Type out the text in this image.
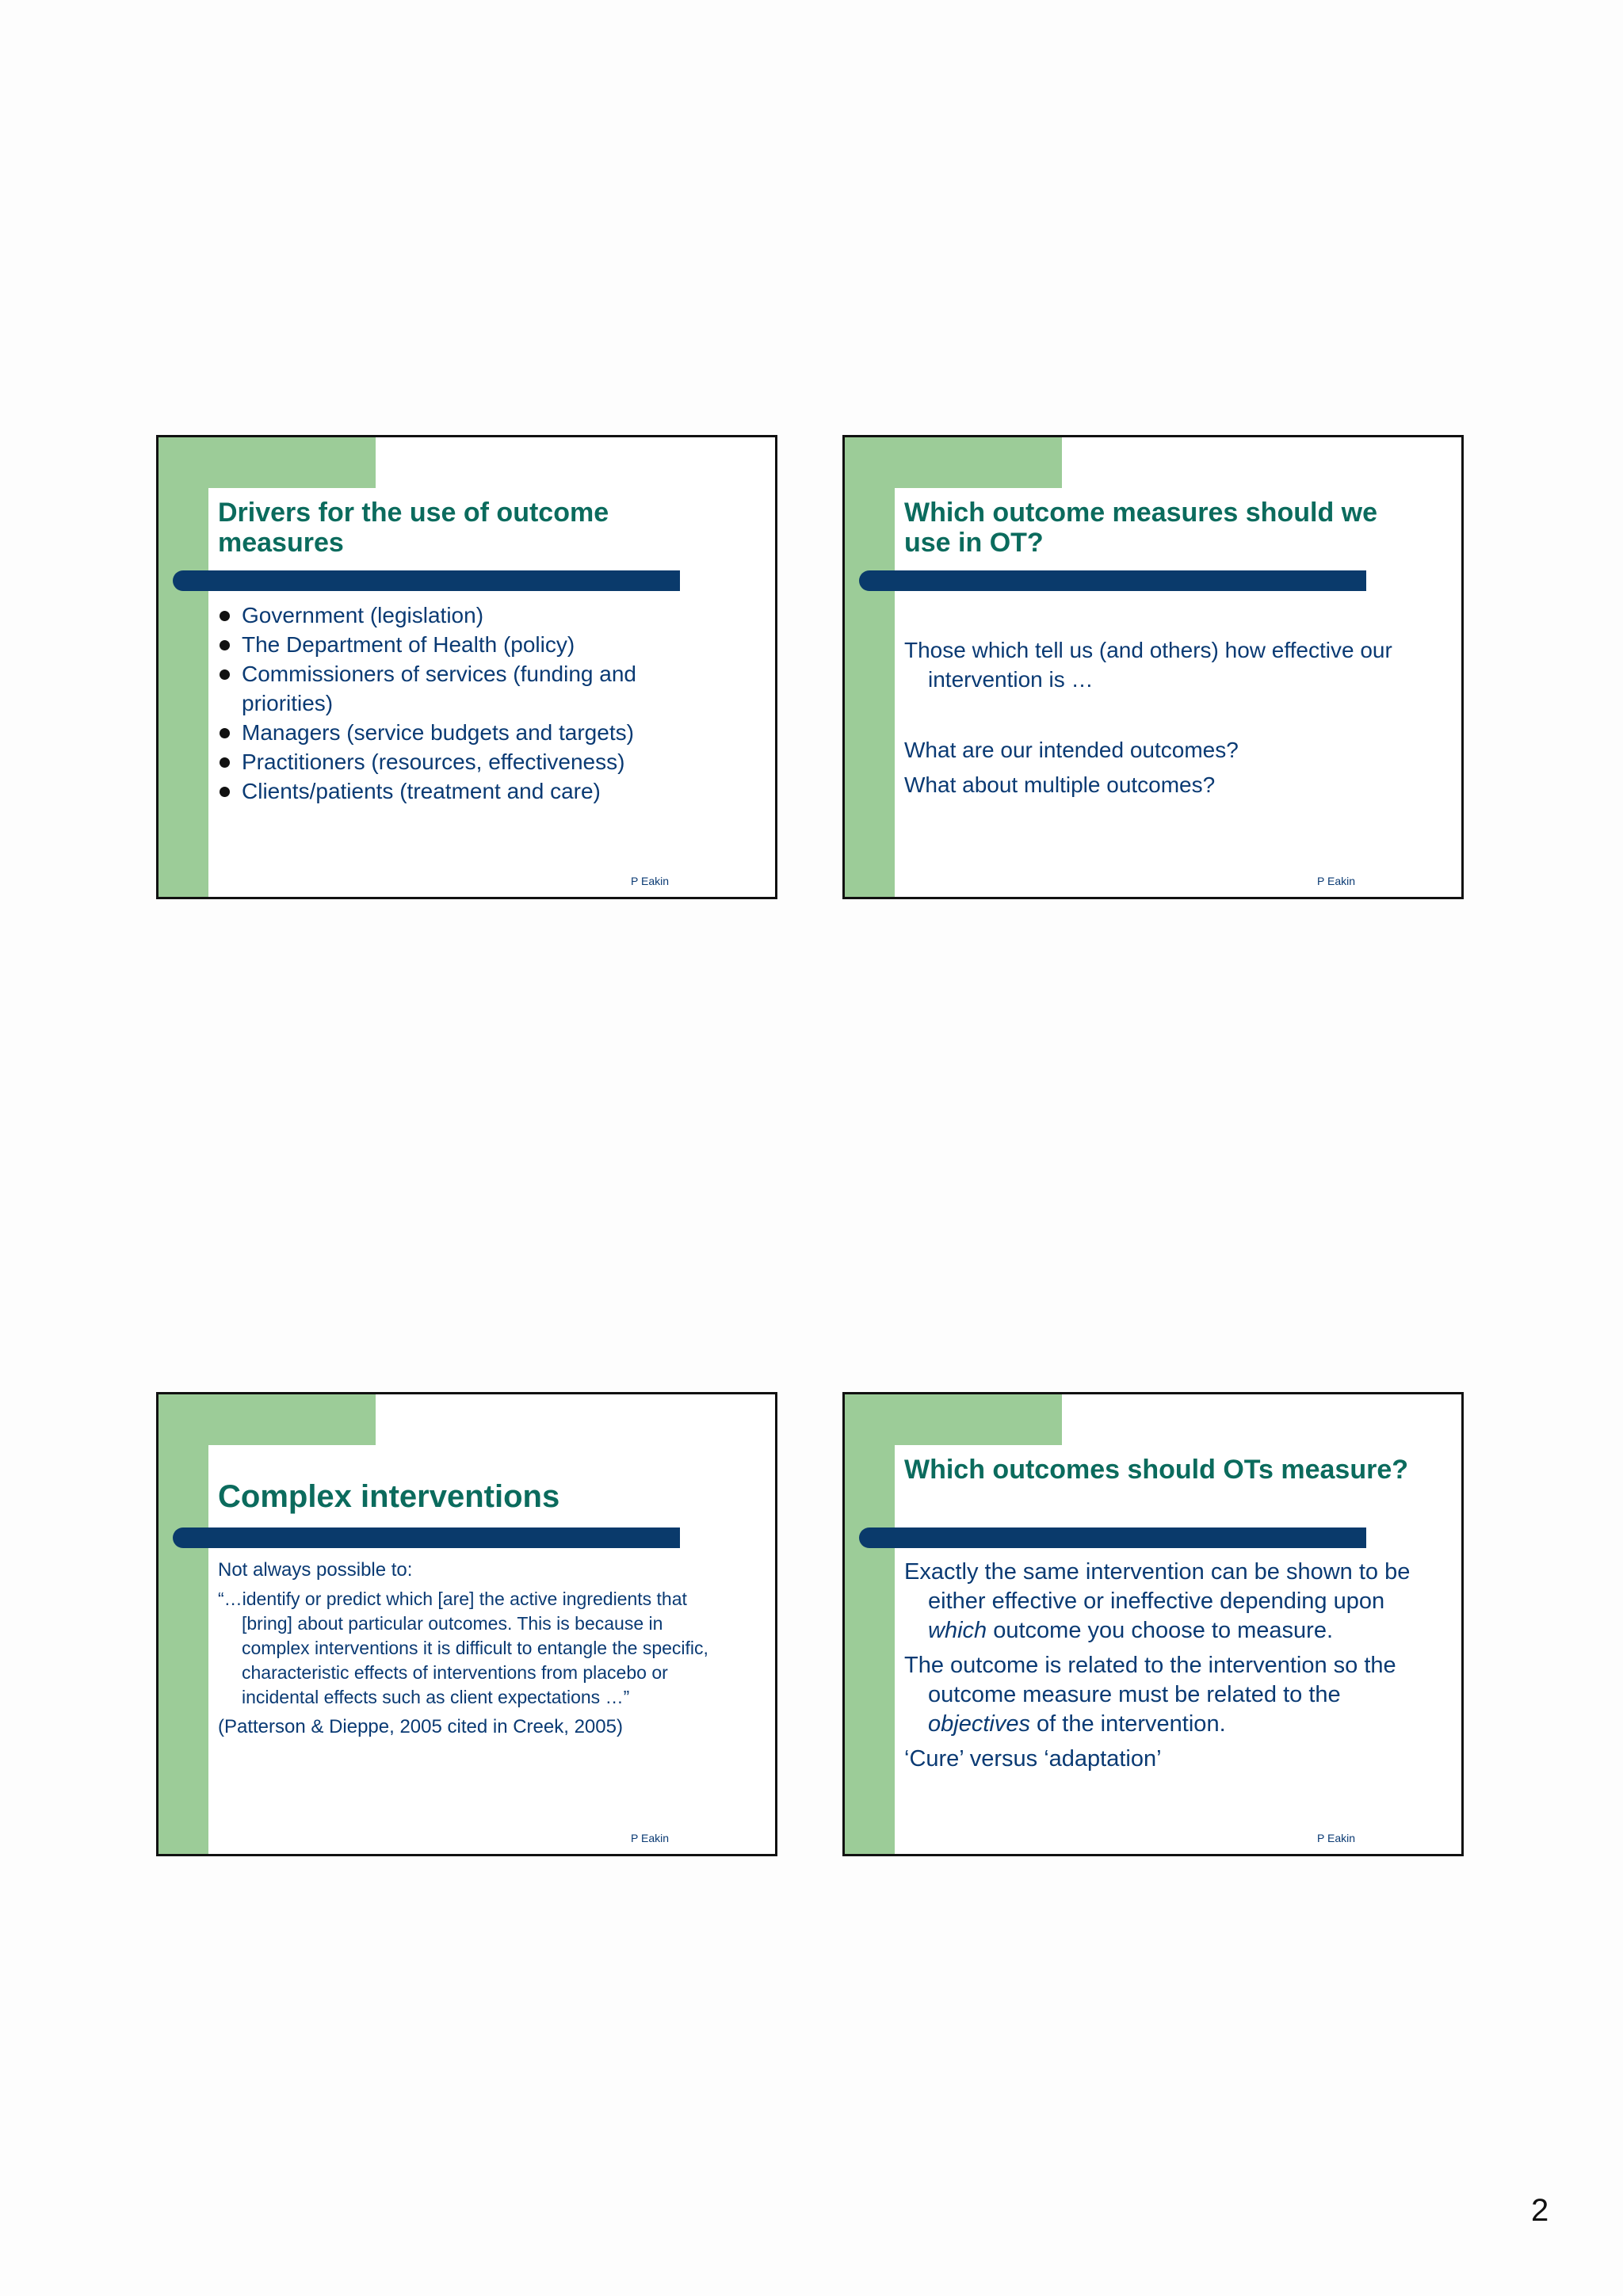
Drivers for the use of outcome measures
Government (legislation)
The Department of Health (policy)
Commissioners of services (funding and priorities)
Managers (service budgets and targets)
Practitioners (resources, effectiveness)
Clients/patients (treatment and care)
P Eakin
Which outcome measures should we use in OT?

Those which tell us (and others) how effective our intervention is …

What are our intended outcomes?

What about multiple outcomes?

P Eakin
Complex interventions

Not always possible to:

“…identify or predict which [are] the active ingredients that [bring] about particular outcomes. This is because in complex interventions it is difficult to entangle the specific, characteristic effects of interventions from placebo or incidental effects such as client expectations …”

(Patterson & Dieppe, 2005 cited in Creek, 2005)

P Eakin
Which outcomes should OTs measure?

Exactly the same intervention can be shown to be either effective or ineffective depending upon which outcome you choose to measure.

The outcome is related to the intervention so the outcome measure must be related to the objectives of the intervention.

‘Cure’ versus ‘adaptation’

P Eakin
2
